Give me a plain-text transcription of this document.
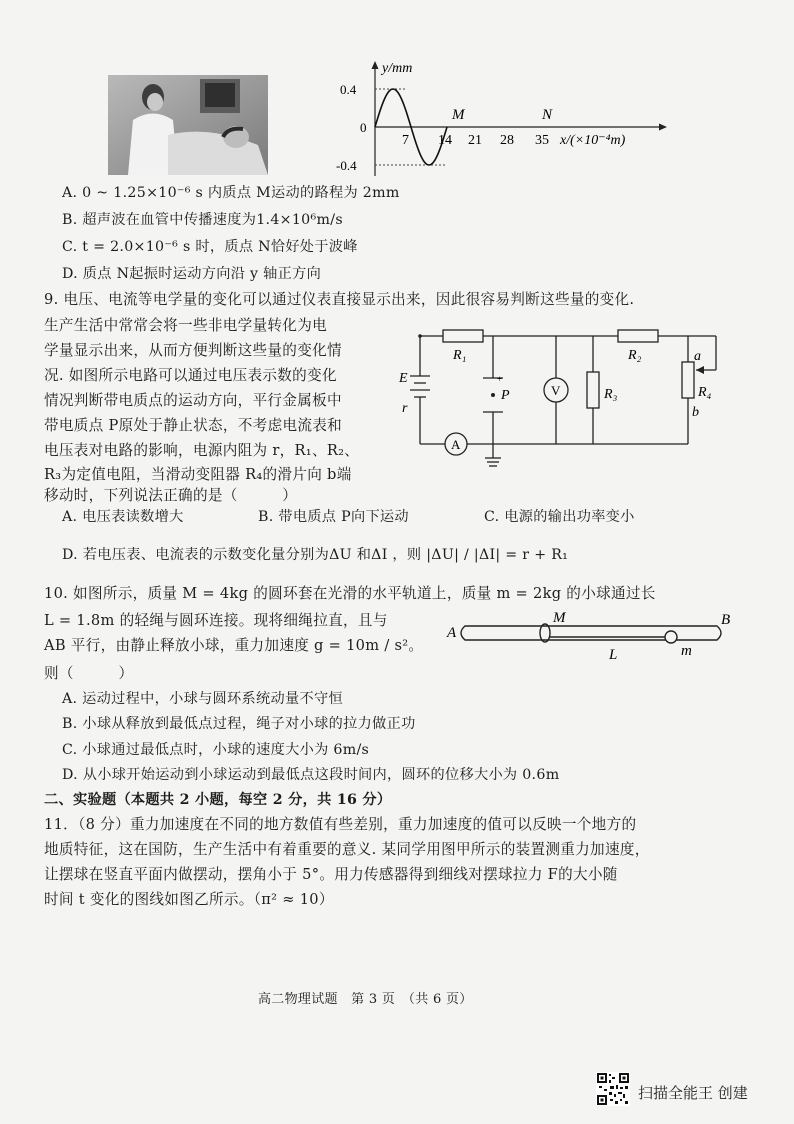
y/mm
0.4
0
-0.4
7 14 21 28 35 x/(×10⁻⁴m)
M	N
A. 0 ~ 1.25×10⁻⁶ s 内质点 M运动的路程为 2mm
B. 超声波在血管中传播速度为1.4×10⁶m/s
C. t = 2.0×10⁻⁶ s 时，质点 N恰好处于波峰
D. 质点 N起振时运动方向沿 y 轴正方向
9. 电压、电流等电学量的变化可以通过仪表直接显示出来，因此很容易判断这些量的变化.
生产生活中常常会将一些非电学量转化为电
学量显示出来，从而方便判断这些量的变化情
况. 如图所示电路可以通过电压表示数的变化
情况判断带电质点的运动方向，平行金属板中
带电质点 P原处于静止状态，不考虑电流表和
电压表对电路的影响，电源内阻为 r，R₁、R₂、
R₃为定值电阻，当滑动变阻器 R₄的滑片向 b端
移动时，下列说法正确的是（　　　）
+
P
R₁	R₂
R₃	R₄
a
b
E
r
V
A
A. 电压表读数增大	B. 带电质点 P向下运动	C. 电源的输出功率变小
D. 若电压表、电流表的示数变化量分别为ΔU 和ΔI ，则 |ΔU| / |ΔI| = r + R₁
10. 如图所示，质量 M = 4kg 的圆环套在光滑的水平轨道上，质量 m = 2kg 的小球通过长
L = 1.8m 的轻绳与圆环连接。现将细绳拉直，且与
AB 平行，由静止释放小球，重力加速度 g = 10m / s²。
则（　　　）
A
B
M
L	m
A. 运动过程中，小球与圆环系统动量不守恒
B. 小球从释放到最低点过程，绳子对小球的拉力做正功
C. 小球通过最低点时，小球的速度大小为 6m/s
D. 从小球开始运动到小球运动到最低点这段时间内，圆环的位移大小为 0.6m
二、实验题（本题共 2 小题，每空 2 分，共 16 分）
11．（8 分）重力加速度在不同的地方数值有些差别，重力加速度的值可以反映一个地方的
地质特征，这在国防，生产生活中有着重要的意义. 某同学用图甲所示的装置测重力加速度，
让摆球在竖直平面内做摆动，摆角小于 5°。用力传感器得到细线对摆球拉力 F的大小随
时间 t 变化的图线如图乙所示。（π² ≈ 10）
高二物理试题　第 3 页　（共 6 页）
扫描全能王 创建
